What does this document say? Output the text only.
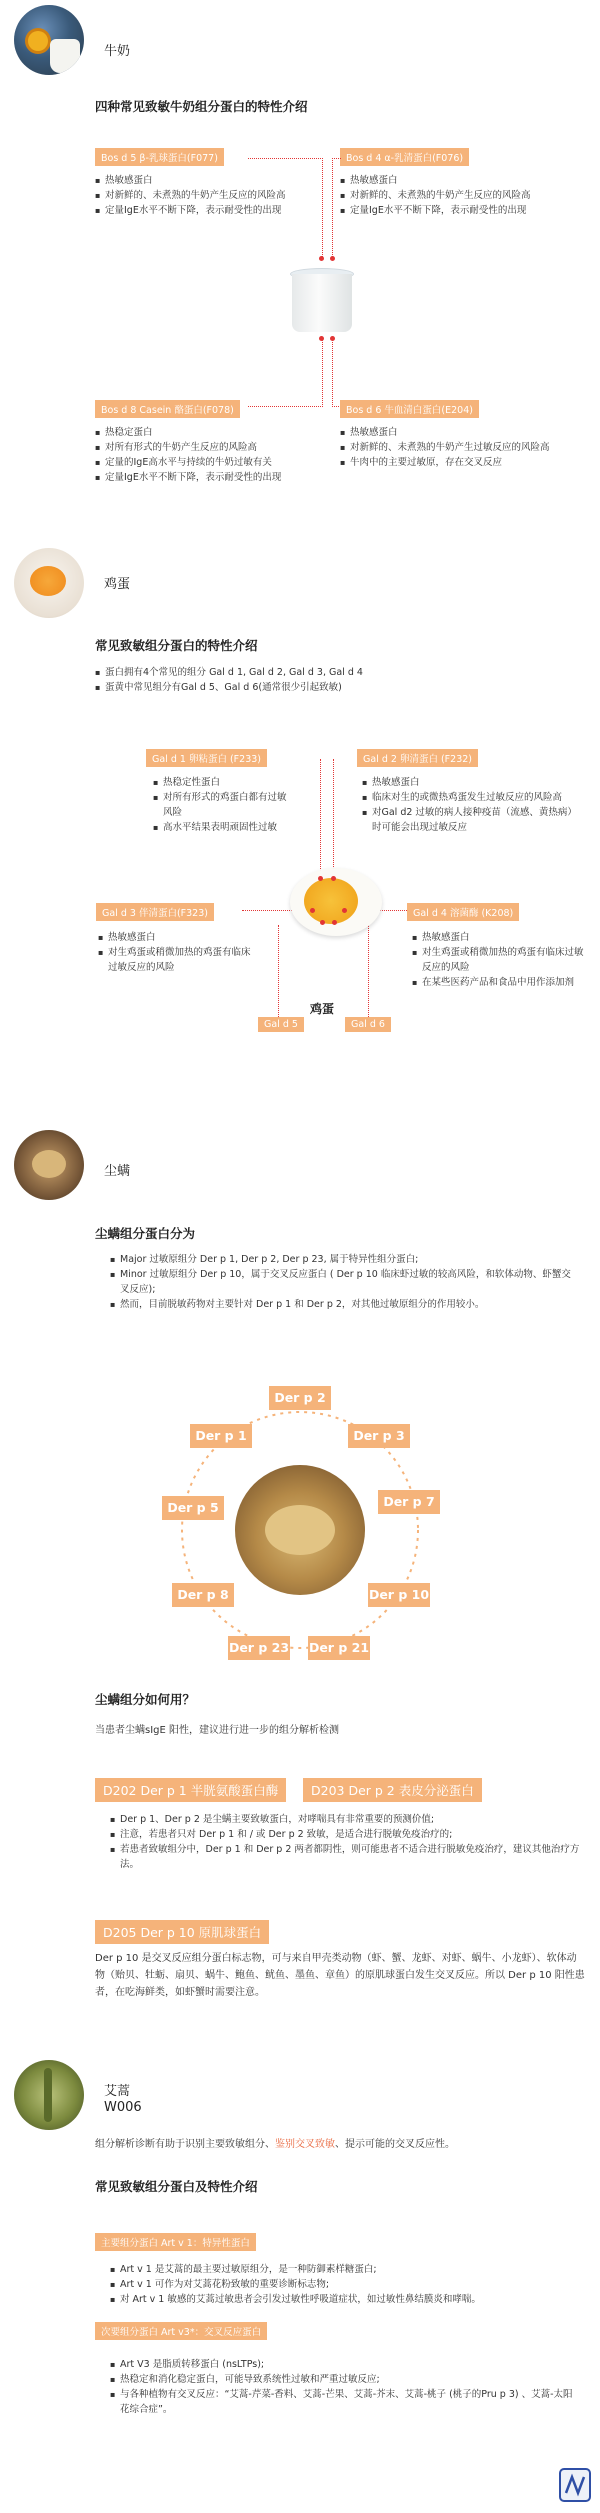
牛奶
四种常见致敏牛奶组分蛋白的特性介绍
Bos d 5 β-乳球蛋白(F077)
▪ 热敏感蛋白
▪ 对新鲜的、未煮熟的牛奶产生反应的风险高
▪ 定量IgE水平不断下降，表示耐受性的出现
Bos d 4 α-乳清蛋白(F076)
▪ 热敏感蛋白
▪ 对新鲜的、未煮熟的牛奶产生反应的风险高
▪ 定量IgE水平不断下降，表示耐受性的出现
Bos d 8 Casein 酪蛋白(F078)
▪ 热稳定蛋白
▪ 对所有形式的牛奶产生反应的风险高
▪ 定量的IgE高水平与持续的牛奶过敏有关
▪ 定量IgE水平不断下降，表示耐受性的出现
Bos d 6 牛血清白蛋白(E204)
▪ 热敏感蛋白
▪ 对新鲜的、未煮熟的牛奶产生过敏反应的风险高
▪ 牛肉中的主要过敏原，存在交叉反应
鸡蛋
常见致敏组分蛋白的特性介绍
▪ 蛋白拥有4个常见的组分 Gal d 1, Gal d 2, Gal d 3, Gal d 4
▪ 蛋黄中常见组分有Gal d 5、Gal d 6(通常很少引起致敏)
Gal d 1 卵粘蛋白 (F233)
▪ 热稳定性蛋白
▪ 对所有形式的鸡蛋白都有过敏风险
▪ 高水平结果表明顽固性过敏
Gal d 2 卵清蛋白 (F232)
▪ 热敏感蛋白
▪ 临床对生的或微热鸡蛋发生过敏反应的风险高
▪ 对Gal d2 过敏的病人接种疫苗（流感、黄热病）时可能会出现过敏反应
Gal d 3 伴清蛋白(F323)
▪ 热敏感蛋白
▪ 对生鸡蛋或稍微加热的鸡蛋有临床过敏反应的风险
Gal d 4 溶菌酶 (K208)
▪ 热敏感蛋白
▪ 对生鸡蛋或稍微加热的鸡蛋有临床过敏反应的风险
▪ 在某些医药产品和食品中用作添加剂
鸡蛋
Gal d 5	Gal d 6
尘螨
尘螨组分蛋白分为
▪ Major 过敏原组分 Der p 1, Der p 2, Der p 23, 属于特异性组分蛋白;
▪ Minor 过敏原组分 Der p 10，属于交叉反应蛋白 ( Der p 10 临床虾过敏的较高风险，和软体动物、虾蟹交叉反应);
▪ 然而，目前脱敏药物对主要针对 Der p 1 和 Der p 2，对其他过敏原组分的作用较小。
Der p 2
Der p 1	Der p 3
Der p 5	Der p 7
Der p 8	Der p 10
Der p 23 Der p 21
尘螨组分如何用？
当患者尘螨sIgE 阳性，建议进行进一步的组分解析检测
D202 Der p 1 半胱氨酸蛋白酶	D203 Der p 2 表皮分泌蛋白
▪ Der p 1、Der p 2 是尘螨主要致敏蛋白，对哮喘具有非常重要的预测价值;
▪ 注意，若患者只对 Der p 1 和 / 或 Der p 2 致敏，是适合进行脱敏免疫治疗的;
▪ 若患者致敏组分中，Der p 1 和 Der p 2 两者都阴性，则可能患者不适合进行脱敏免疫治疗，建议其他治疗方法。
D205 Der p 10 原肌球蛋白
Der p 10 是交叉反应组分蛋白标志物，可与来自甲壳类动物（虾、蟹、龙虾、对虾、蜗牛、小龙虾）、软体动物（贻贝、牡蛎、扇贝、蜗牛、鲍鱼、鱿鱼、墨鱼、章鱼）的原肌球蛋白发生交叉反应。所以 Der p 10 阳性患者，在吃海鲜类，如虾蟹时需要注意。
艾蒿
W006
组分解析诊断有助于识别主要致敏组分、鉴别交叉致敏、提示可能的交叉反应性。
常见致敏组分蛋白及特性介绍
主要组分蛋白 Art v 1：特异性蛋白
▪ Art v 1 是艾蒿的最主要过敏原组分，是一种防御素样糖蛋白;
▪ Art v 1 可作为对艾蒿花粉致敏的重要诊断标志物;
▪ 对 Art v 1 敏感的艾蒿过敏患者会引发过敏性呼吸道症状，如过敏性鼻结膜炎和哮喘。
次要组分蛋白 Art v3*：交叉反应蛋白
▪ Art V3 是脂质转移蛋白 (nsLTPs);
▪ 热稳定和消化稳定蛋白，可能导致系统性过敏和严重过敏反应;
▪ 与各种植物有交叉反应：“艾蒿-芹菜-香料、艾蒿-芒果、艾蒿-芥末、艾蒿-桃子 (桃子的Pru p 3) 、艾蒿-太阳花综合症”。
